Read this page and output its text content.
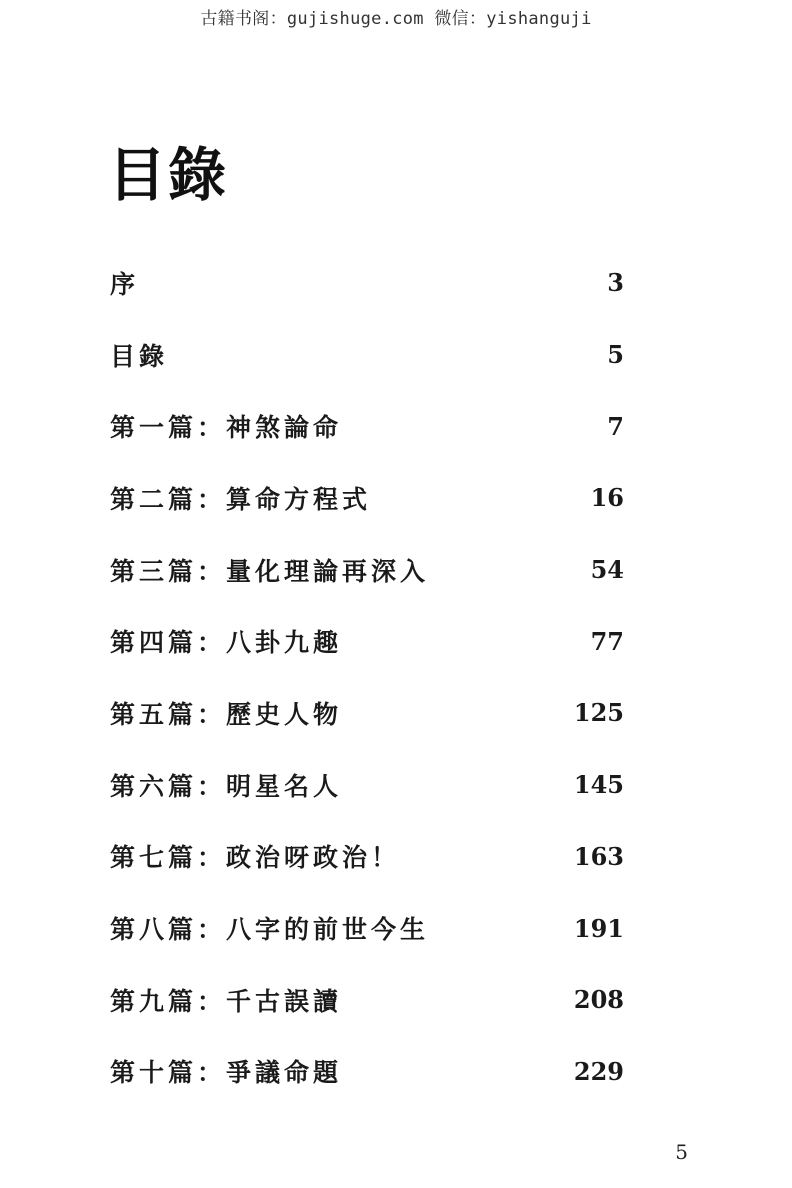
古籍书阁：gujishuge.com 微信：yishanguji
目錄
序	3
目錄	5
第一篇：神煞論命	7
第二篇：算命方程式	16
第三篇：量化理論再深入	54
第四篇：八卦九趣	77
第五篇：歷史人物	125
第六篇：明星名人	145
第七篇：政治呀政治！	163
第八篇：八字的前世今生	191
第九篇：千古誤讀	208
第十篇：爭議命題	229
5
